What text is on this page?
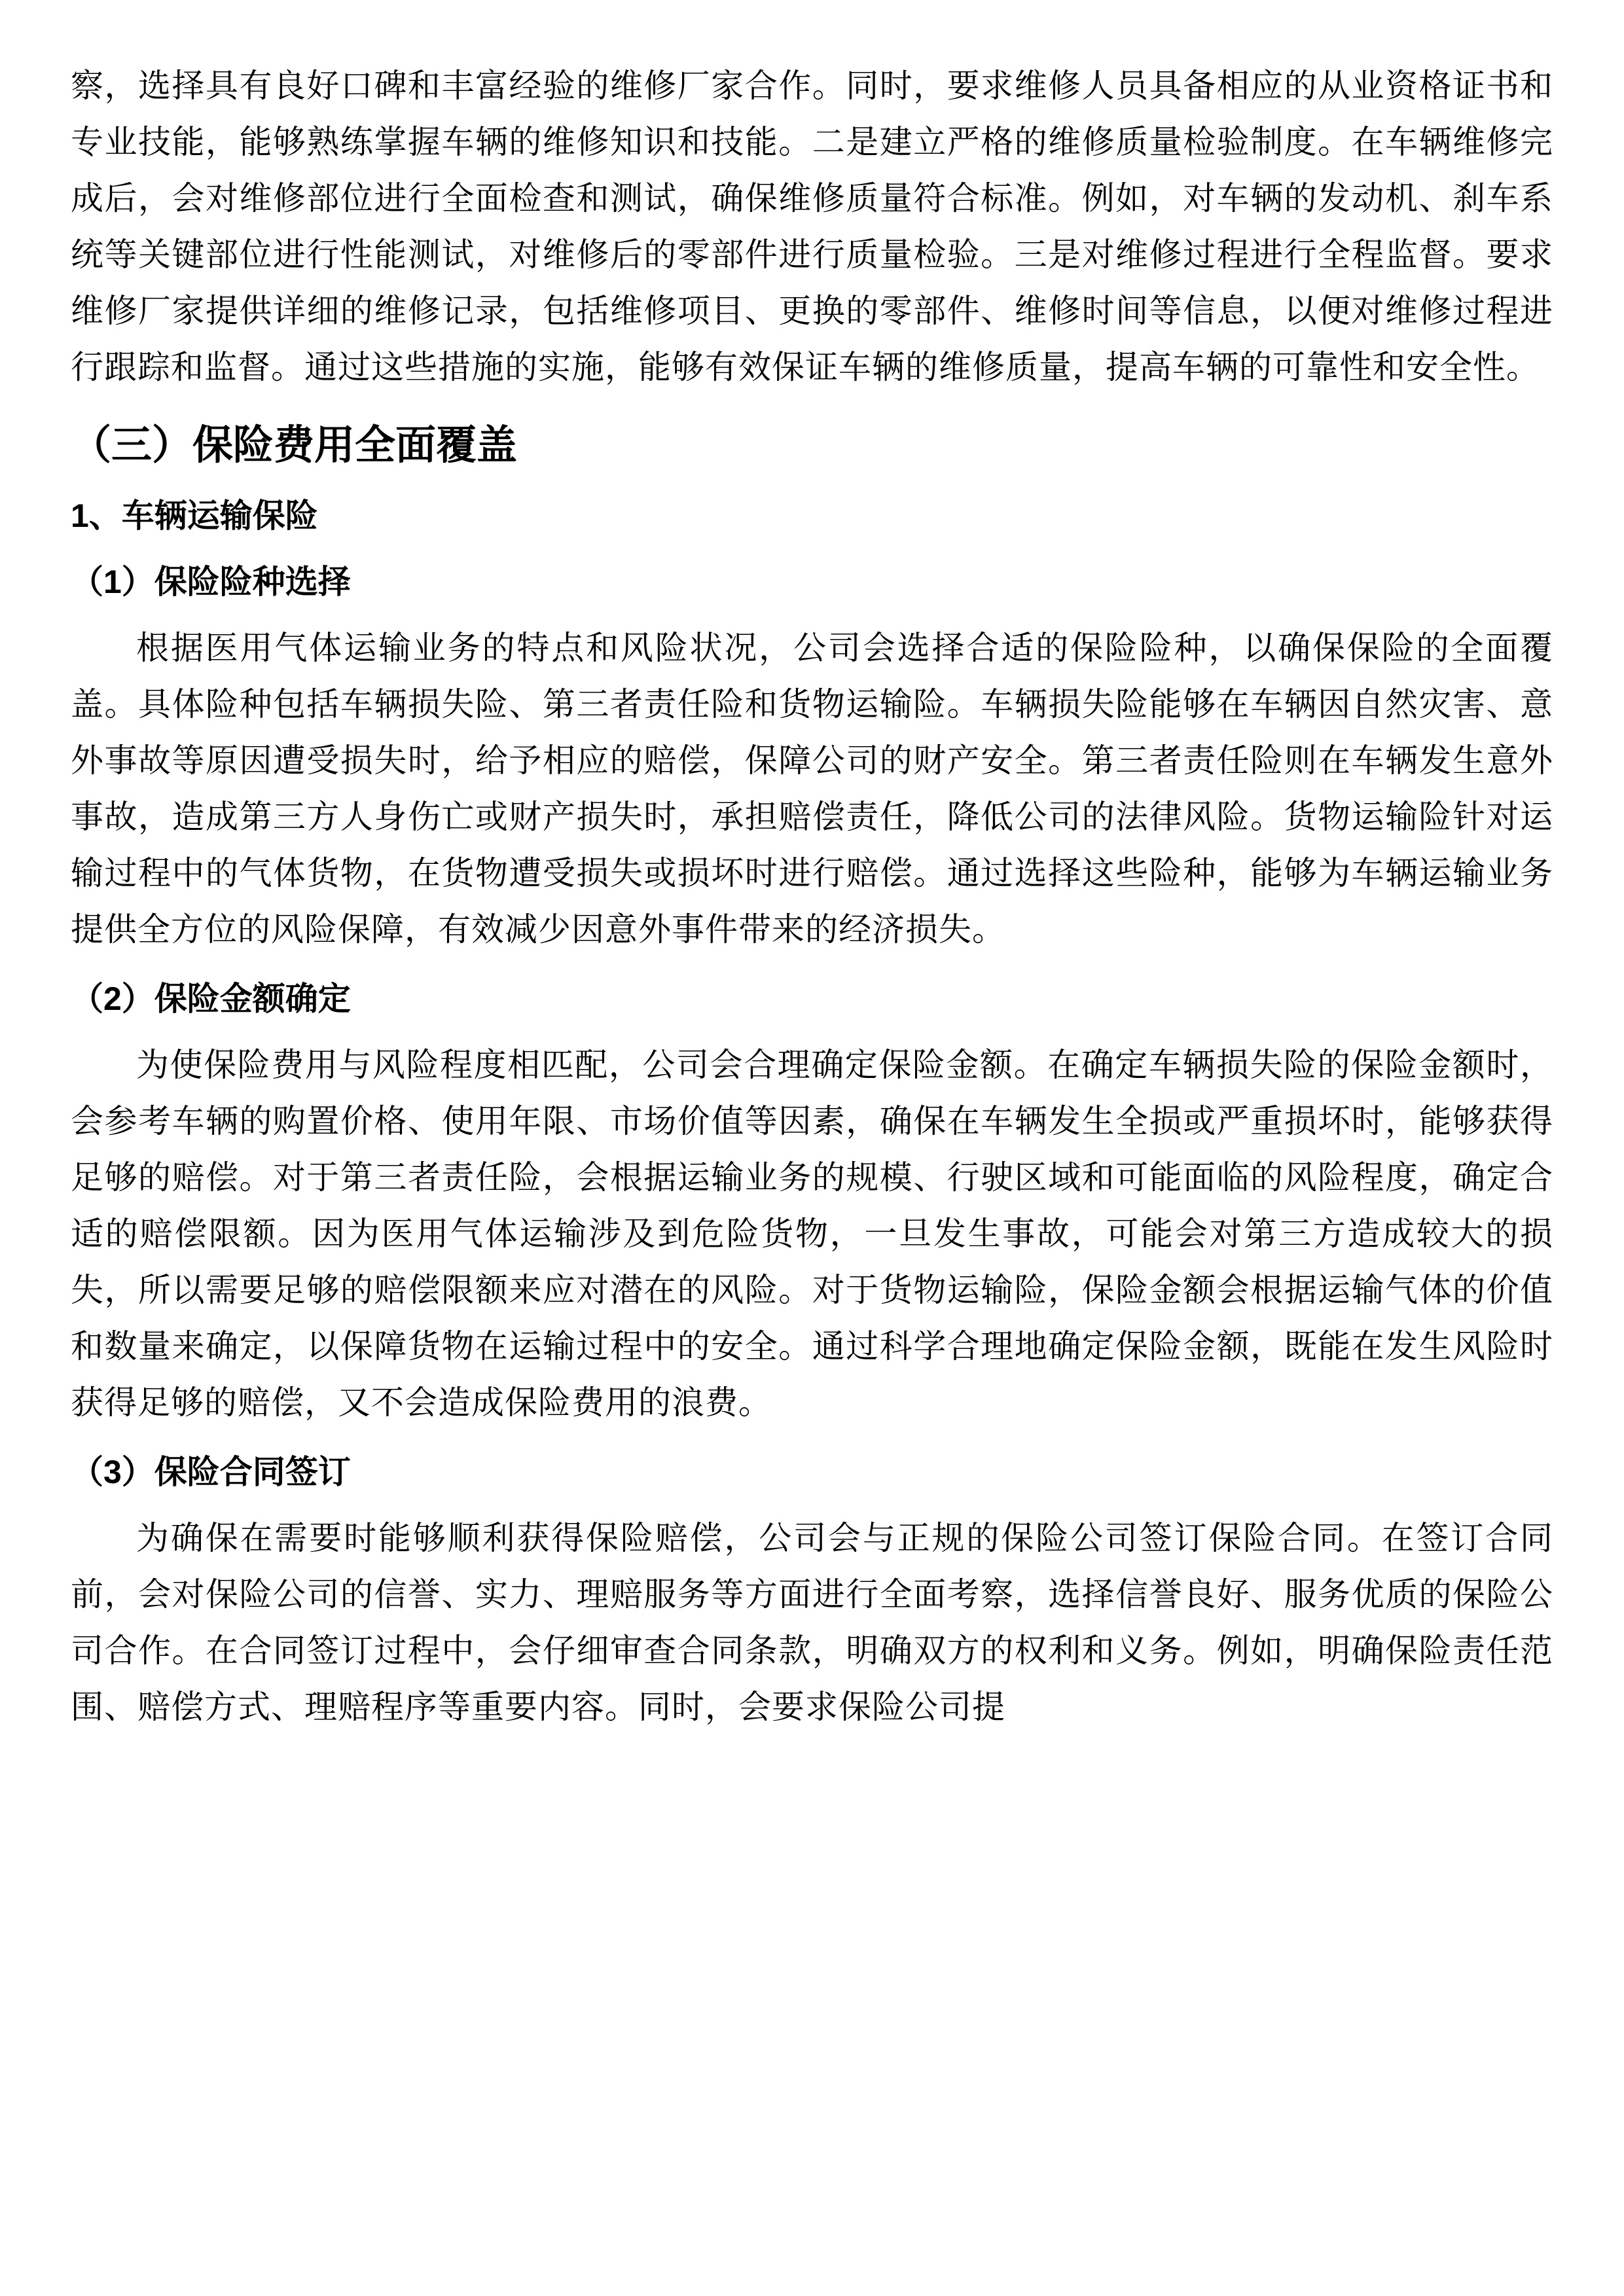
察，选择具有良好口碑和丰富经验的维修厂家合作。同时，要求维修人员具备相应的从业资格证书和专业技能，能够熟练掌握车辆的维修知识和技能。二是建立严格的维修质量检验制度。在车辆维修完成后，会对维修部位进行全面检查和测试，确保维修质量符合标准。例如，对车辆的发动机、刹车系统等关键部位进行性能测试，对维修后的零部件进行质量检验。三是对维修过程进行全程监督。要求维修厂家提供详细的维修记录，包括维修项目、更换的零部件、维修时间等信息，以便对维修过程进行跟踪和监督。通过这些措施的实施，能够有效保证车辆的维修质量，提高车辆的可靠性和安全性。

（三）保险费用全面覆盖
1、车辆运输保险
（1）保险险种选择

根据医用气体运输业务的特点和风险状况，公司会选择合适的保险险种，以确保保险的全面覆盖。具体险种包括车辆损失险、第三者责任险和货物运输险。车辆损失险能够在车辆因自然灾害、意外事故等原因遭受损失时，给予相应的赔偿，保障公司的财产安全。第三者责任险则在车辆发生意外事故，造成第三方人身伤亡或财产损失时，承担赔偿责任，降低公司的法律风险。货物运输险针对运输过程中的气体货物，在货物遭受损失或损坏时进行赔偿。通过选择这些险种，能够为车辆运输业务提供全方位的风险保障，有效减少因意外事件带来的经济损失。

（2）保险金额确定

为使保险费用与风险程度相匹配，公司会合理确定保险金额。在确定车辆损失险的保险金额时，会参考车辆的购置价格、使用年限、市场价值等因素，确保在车辆发生全损或严重损坏时，能够获得足够的赔偿。对于第三者责任险，会根据运输业务的规模、行驶区域和可能面临的风险程度，确定合适的赔偿限额。因为医用气体运输涉及到危险货物，一旦发生事故，可能会对第三方造成较大的损失，所以需要足够的赔偿限额来应对潜在的风险。对于货物运输险，保险金额会根据运输气体的价值和数量来确定，以保障货物在运输过程中的安全。通过科学合理地确定保险金额，既能在发生风险时获得足够的赔偿，又不会造成保险费用的浪费。

（3）保险合同签订

为确保在需要时能够顺利获得保险赔偿，公司会与正规的保险公司签订保险合同。在签订合同前，会对保险公司的信誉、实力、理赔服务等方面进行全面考察，选择信誉良好、服务优质的保险公司合作。在合同签订过程中，会仔细审查合同条款，明确双方的权利和义务。例如，明确保险责任范围、赔偿方式、理赔程序等重要内容。同时，会要求保险公司提
